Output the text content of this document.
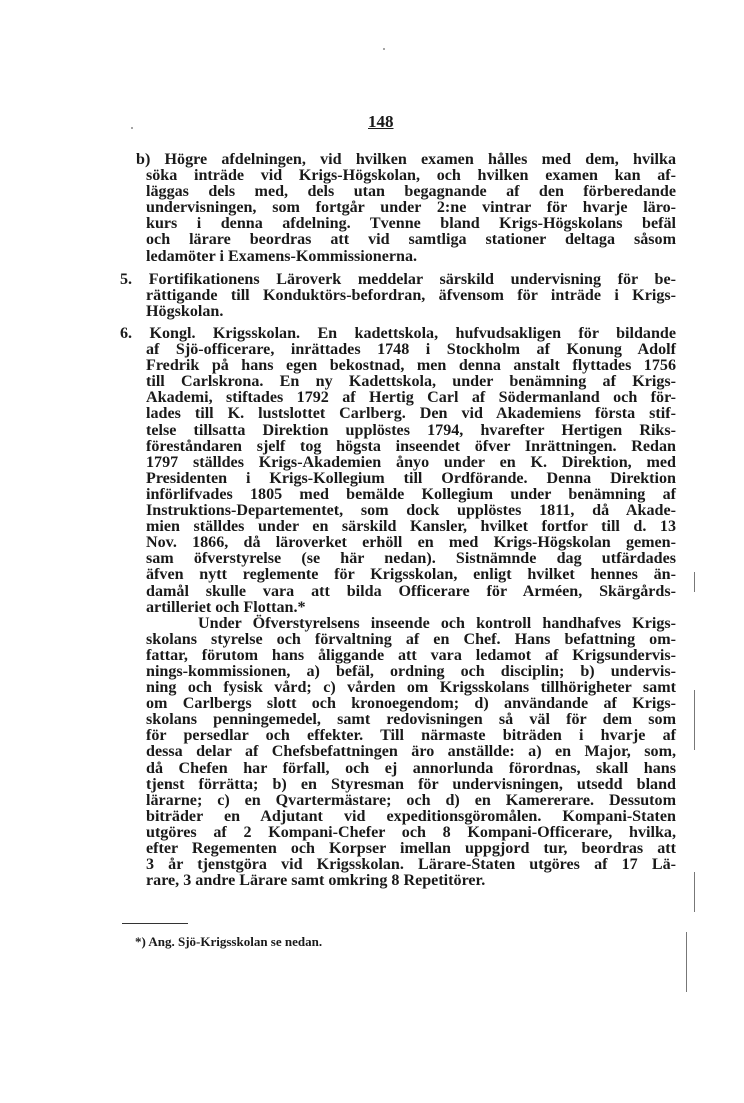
148
b) Högre afdelningen, vid hvilken examen hålles med dem, hvilka
söka inträde vid Krigs-Högskolan, och hvilken examen kan af-
läggas dels med, dels utan begagnande af den förberedande
undervisningen, som fortgår under 2:ne vintrar för hvarje läro-
kurs i denna afdelning. Tvenne bland Krigs-Högskolans befäl
och lärare beordras att vid samtliga stationer deltaga såsom
ledamöter i Examens-Kommissionerna.
5. Fortifikationens Läroverk meddelar särskild undervisning för be-
rättigande till Konduktörs-befordran, äfvensom för inträde i Krigs-
Högskolan.
6. Kongl. Krigsskolan. En kadettskola, hufvudsakligen för bildande
af Sjö-officerare, inrättades 1748 i Stockholm af Konung Adolf
Fredrik på hans egen bekostnad, men denna anstalt flyttades 1756
till Carlskrona. En ny Kadettskola, under benämning af Krigs-
Akademi, stiftades 1792 af Hertig Carl af Södermanland och för-
lades till K. lustslottet Carlberg. Den vid Akademiens första stif-
telse tillsatta Direktion upplöstes 1794, hvarefter Hertigen Riks-
föreståndaren sjelf tog högsta inseendet öfver Inrättningen. Redan
1797 ställdes Krigs-Akademien ånyo under en K. Direktion, med
Presidenten i Krigs-Kollegium till Ordförande. Denna Direktion
införlifvades 1805 med bemälde Kollegium under benämning af
Instruktions-Departementet, som dock upplöstes 1811, då Akade-
mien ställdes under en särskild Kansler, hvilket fortfor till d. 13
Nov. 1866, då läroverket erhöll en med Krigs-Högskolan gemen-
sam öfverstyrelse (se här nedan). Sistnämnde dag utfärdades
äfven nytt reglemente för Krigsskolan, enligt hvilket hennes än-
damål skulle vara att bilda Officerare för Arméen, Skärgårds-
artilleriet och Flottan.*
Under Öfverstyrelsens inseende och kontroll handhafves Krigs-
skolans styrelse och förvaltning af en Chef. Hans befattning om-
fattar, förutom hans åliggande att vara ledamot af Krigsundervis-
nings-kommissionen, a) befäl, ordning och disciplin; b) undervis-
ning och fysisk vård; c) vården om Krigsskolans tillhörigheter samt
om Carlbergs slott och kronoegendom; d) användande af Krigs-
skolans penningemedel, samt redovisningen så väl för dem som
för persedlar och effekter. Till närmaste biträden i hvarje af
dessa delar af Chefsbefattningen äro anställde: a) en Major, som,
då Chefen har förfall, och ej annorlunda förordnas, skall hans
tjenst förrätta; b) en Styresman för undervisningen, utsedd bland
lärarne; c) en Qvartermästare; och d) en Kamererare. Dessutom
biträder en Adjutant vid expeditionsgöromålen. Kompani-Staten
utgöres af 2 Kompani-Chefer och 8 Kompani-Officerare, hvilka,
efter Regementen och Korpser imellan uppgjord tur, beordras att
3 år tjenstgöra vid Krigsskolan. Lärare-Staten utgöres af 17 Lä-
rare, 3 andre Lärare samt omkring 8 Repetitörer.
*) Ang. Sjö-Krigsskolan se nedan.
